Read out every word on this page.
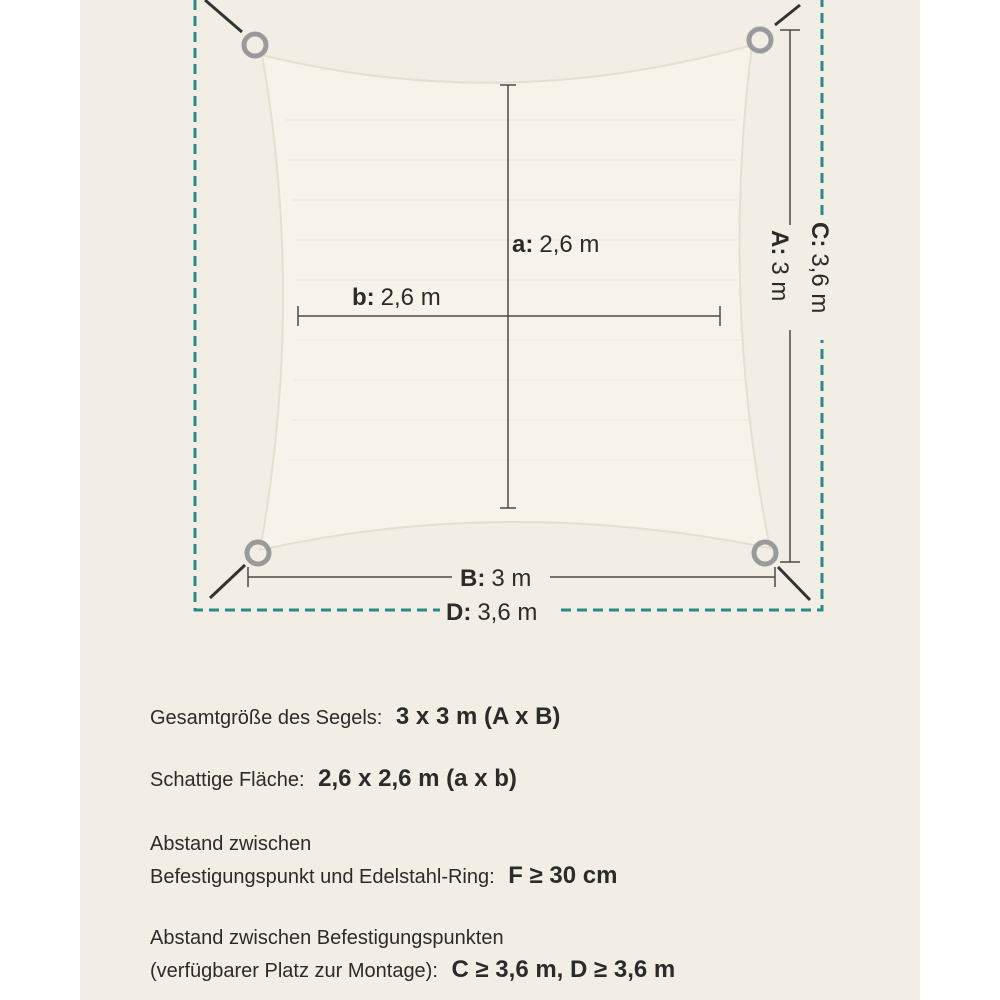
a: 2,6 m
b: 2,6 m
B: 3 m
D: 3,6 m
A:3 m
C:3,6 m
Gesamtgröße des Segels: 3 x 3 m (A x B)
Schattige Fläche: 2,6 x 2,6 m (a x b)
Abstand zwischen
Befestigungspunkt und Edelstahl-Ring: F ≥ 30 cm
Abstand zwischen Befestigungspunkten
(verfügbarer Platz zur Montage): C ≥ 3,6 m, D ≥ 3,6 m
